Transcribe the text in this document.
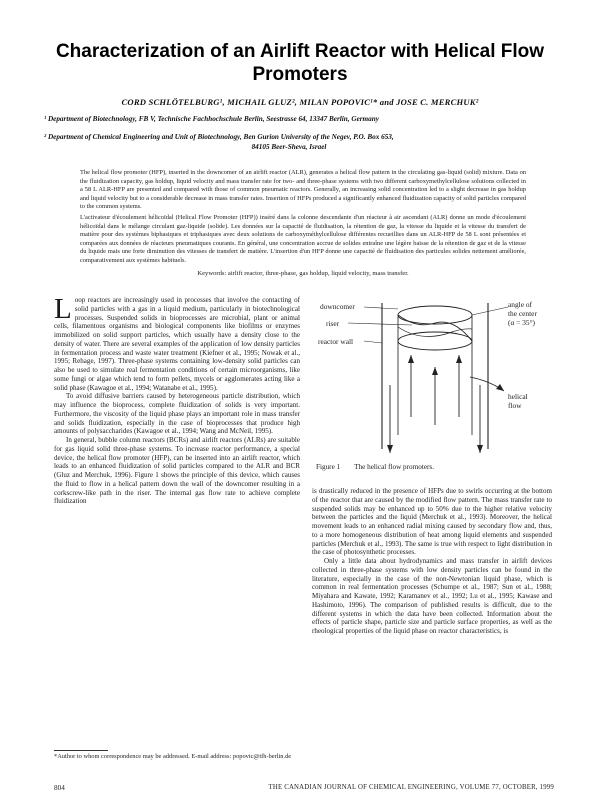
Characterization of an Airlift Reactor with Helical Flow Promoters
CORD SCHLÖTELBURG¹, MICHAIL GLUZ², MILAN POPOVIC¹* and JOSE C. MERCHUK²
¹ Department of Biotechnology, FB V, Technische Fachhochschule Berlin, Seestrasse 64, 13347 Berlin, Germany
² Department of Chemical Engineering and Unit of Biotechnology, Ben Gurion University of the Negev, P.O. Box 653,
84105 Beer-Sheva, Israel

The helical flow promoter (HFP), inserted in the downcomer of an airlift reactor (ALR), generates a helical flow pattern in the circulating gas-liquid (solid) mixture. Data on the fluidization capacity, gas holdup, liquid velocity and mass transfer rate for two- and three-phase systems with two different carboxymethylcellulose solutions collected in a 58 L ALR-HFP are presented and compared with those of common pneumatic reactors. Generally, an increasing solid concentration led to a slight decrease in gas holdup and liquid velocity but to a considerable decrease in mass transfer rates. Insertion of HFPs produced a significantly enhanced fluidization capacity of solid particles compared to the common systems.

L'activateur d'écoulement hélicoïdal (Helical Flow Promoter (HFP)) inséré dans la colonne descendante d'un réacteur à air ascendant (ALR) donne un mode d'écoulement hélicoïdal dans le mélange circulant gaz-liquide (solide). Les données sur la capacité de fluidisation, la rétention de gaz, la vitesse du liquide et la vitesse du transfert de matière pour des systèmes biphasiques et triphasiques avec deux solutions de carboxyméthylcellulose différentes recueillies dans un ALR-HFP de 58 L sont présentées et comparées aux données de réacteurs pneumatiques courants. En général, une concentration accrue de solides entraîne une légère baisse de la rétention de gaz et de la vitesse du liquide mais une forte diminution des vitesses de transfert de matière. L'insertion d'un HFP donne une capacité de fluidisation des particules solides nettement améliorée, comparativement aux systèmes habituels.

Keywords: airlift reactor, three-phase, gas holdup, liquid velocity, mass transfer.

Loop reactors are increasingly used in processes that involve the contacting of solid particles with a gas in a liquid medium, particularly in biotechnological processes. Suspended solids in bioprocesses are microbial, plant or animal cells, filamentous organisms and biological components like biofilms or enzymes immobilized on solid support particles, which usually have a density close to the density of water. There are several examples of the application of low density particles in fermentation process and waste water treatment (Kiefner et al., 1995; Nowak et al., 1995; Rehage, 1997). Three-phase systems containing low-density solid particles can also be used to simulate real fermentation conditions of certain microorganisms, like some fungi or algae which tend to form pellets, mycels or agglomerates acting like a solid phase (Kawagoe et al., 1994; Watanabe et al., 1995).

To avoid diffusive barriers caused by heterogeneous particle distribution, which may influence the bioprocess, complete fluidization of solids is very important. Furthermore, the viscosity of the liquid phase plays an important role in mass transfer and solids fluidization, especially in the case of bioprocesses that produce high amounts of polysaccharides (Kawagoe et al., 1994; Wang and McNeil, 1995).

In general, bubble column reactors (BCRs) and airlift reactors (ALRs) are suitable for gas liquid solid three-phase systems. To increase reactor performance, a special device, the helical flow promoter (HFP), can be inserted into an airlift reactor, which leads to an enhanced fluidization of solid particles compared to the ALR and BCR (Gluz and Merchuk, 1996). Figure 1 shows the principle of this device, which causes the fluid to flow in a helical pattern down the wall of the downcomer resulting in a corkscrew-like path in the riser. The internal gas flow rate to achieve complete fluidization

downcomer
riser
reactor wall
angle of
the center
(α = 35°)
helical
flow
Figure 1 The helical flow promoters.

is drastically reduced in the presence of HFPs due to swirls occurring at the bottom of the reactor that are caused by the modified flow pattern. The mass transfer rate to suspended solids may be enhanced up to 50% due to the higher relative velocity between the particles and the liquid (Merchuk et al., 1993). Moreover, the helical movement leads to an enhanced radial mixing caused by secondary flow and, thus, to a more homogeneous distribution of heat among liquid elements and suspended particles (Merchuk et al., 1993). The same is true with respect to light distribution in the case of photosynthetic processes.

Only a little data about hydrodynamics and mass transfer in airlift devices collected in three-phase systems with low density particles can be found in the literature, especially in the case of the non-Newtonian liquid phase, which is common in real fermentation processes (Schumpe et al., 1987; Sun et al., 1988; Miyahara and Kawate, 1992; Karamanev et al., 1992; Lu et al., 1995; Kawase and Hashimoto, 1996). The comparison of published results is difficult, due to the different systems in which the data have been collected. Information about the effects of particle shape, particle size and particle surface properties, as well as the rheological properties of the liquid phase on reactor characteristics, is

*Author to whom correspondence may be addressed. E-mail address: popovic@tfh-berlin.de
804	THE CANADIAN JOURNAL OF CHEMICAL ENGINEERING, VOLUME 77, OCTOBER, 1999
